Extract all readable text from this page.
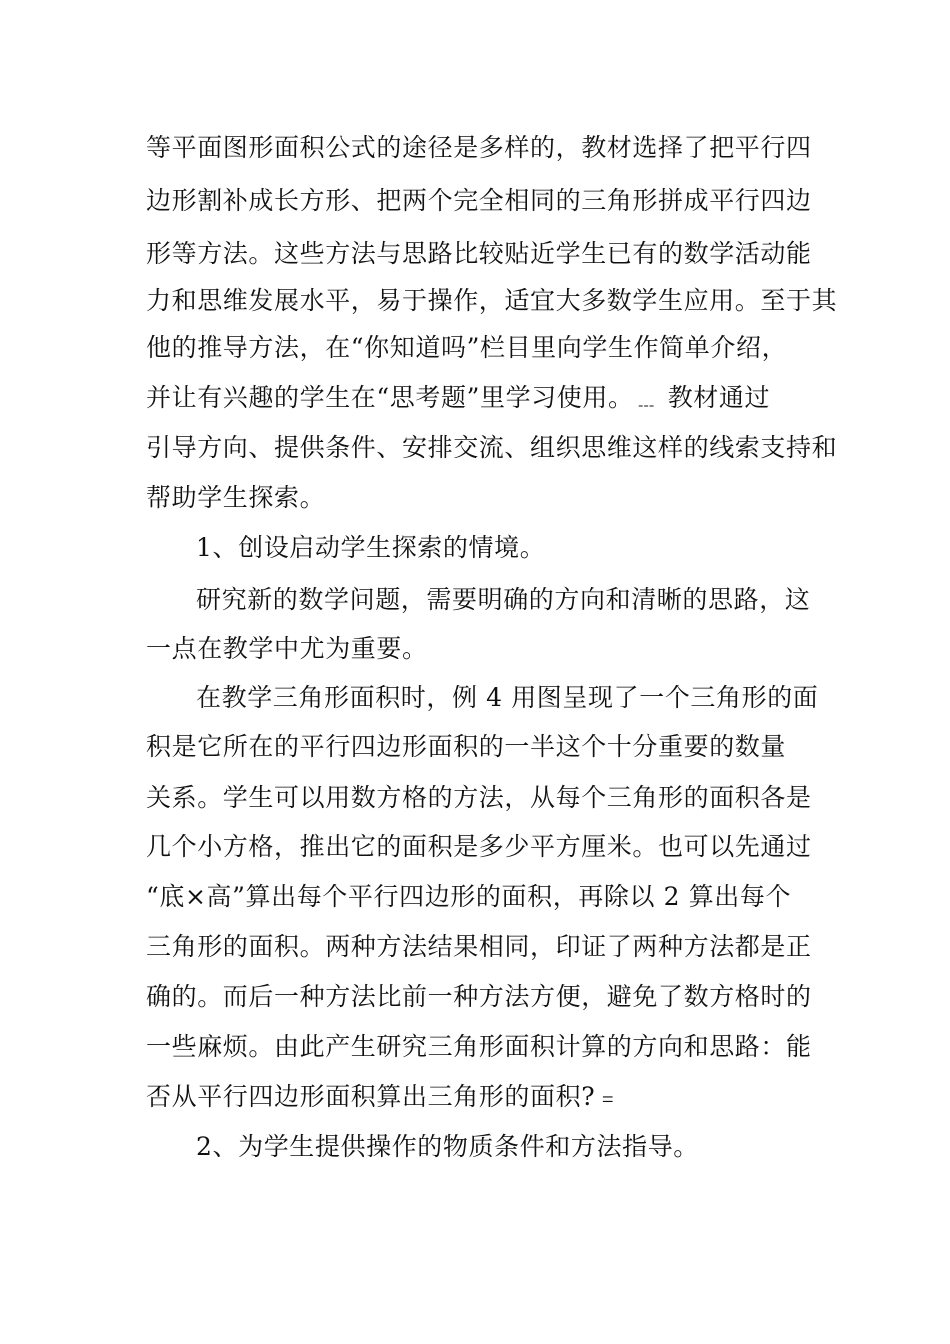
等平面图形面积公式的途径是多样的，教材选择了把平行四
边形割补成长方形、把两个完全相同的三角形拼成平行四边
形等方法。这些方法与思路比较贴近学生已有的数学活动能
力和思维发展水平，易于操作，适宜大多数学生应用。至于其
他的推导方法，在“你知道吗”栏目里向学生作简单介绍，
并让有兴趣的学生在“思考题”里学习使用。﹍ 教材通过
引导方向、提供条件、安排交流、组织思维这样的线索支持和
帮助学生探索。
1、创设启动学生探索的情境。
研究新的数学问题，需要明确的方向和清晰的思路，这
一点在教学中尤为重要。
在教学三角形面积时，例 4 用图呈现了一个三角形的面
积是它所在的平行四边形面积的一半这个十分重要的数量
关系。学生可以用数方格的方法，从每个三角形的面积各是
几个小方格，推出它的面积是多少平方厘米。也可以先通过
“底×高”算出每个平行四边形的面积，再除以 2 算出每个
三角形的面积。两种方法结果相同，印证了两种方法都是正
确的。而后一种方法比前一种方法方便，避免了数方格时的
一些麻烦。由此产生研究三角形面积计算的方向和思路：能
否从平行四边形面积算出三角形的面积?﹦
2、为学生提供操作的物质条件和方法指导。
